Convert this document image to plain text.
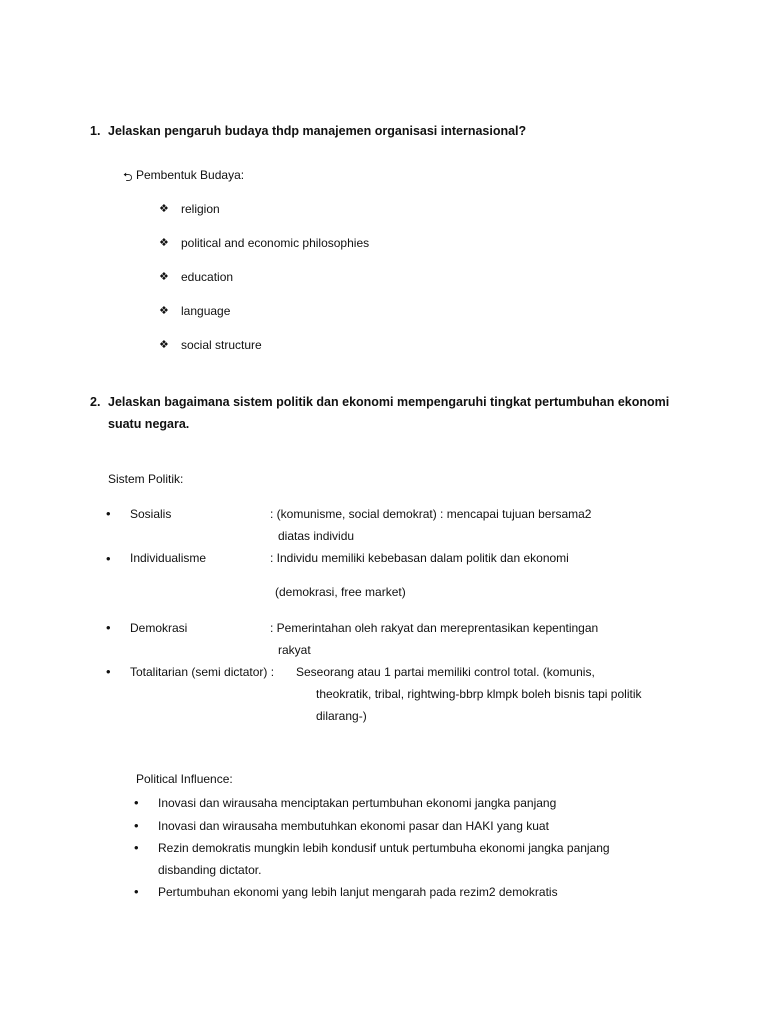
1. Jelaskan pengaruh budaya thdp manajemen organisasi internasional?
⮌ Pembentuk Budaya:
❖ religion
❖ political and economic philosophies
❖ education
❖ language
❖ social structure
2. Jelaskan bagaimana sistem politik dan ekonomi mempengaruhi tingkat pertumbuhan ekonomi
suatu negara.
Sistem Politik:
• Sosialis	: (komunisme, social demokrat) : mencapai tujuan bersama2
diatas individu
• Individualisme	: Individu memiliki kebebasan dalam politik dan ekonomi
(demokrasi, free market)
• Demokrasi	: Pemerintahan oleh rakyat dan mereprentasikan kepentingan
rakyat
• Totalitarian (semi dictator) : Seseorang atau 1 partai memiliki control total. (komunis,
theokratik, tribal, rightwing-bbrp klmpk boleh bisnis tapi politik
dilarang-)
Political Influence:
• Inovasi dan wirausaha menciptakan pertumbuhan ekonomi jangka panjang
• Inovasi dan wirausaha membutuhkan ekonomi pasar dan HAKI yang kuat
• Rezin demokratis mungkin lebih kondusif untuk pertumbuha ekonomi jangka panjang
disbanding dictator.
• Pertumbuhan ekonomi yang lebih lanjut mengarah pada rezim2 demokratis
